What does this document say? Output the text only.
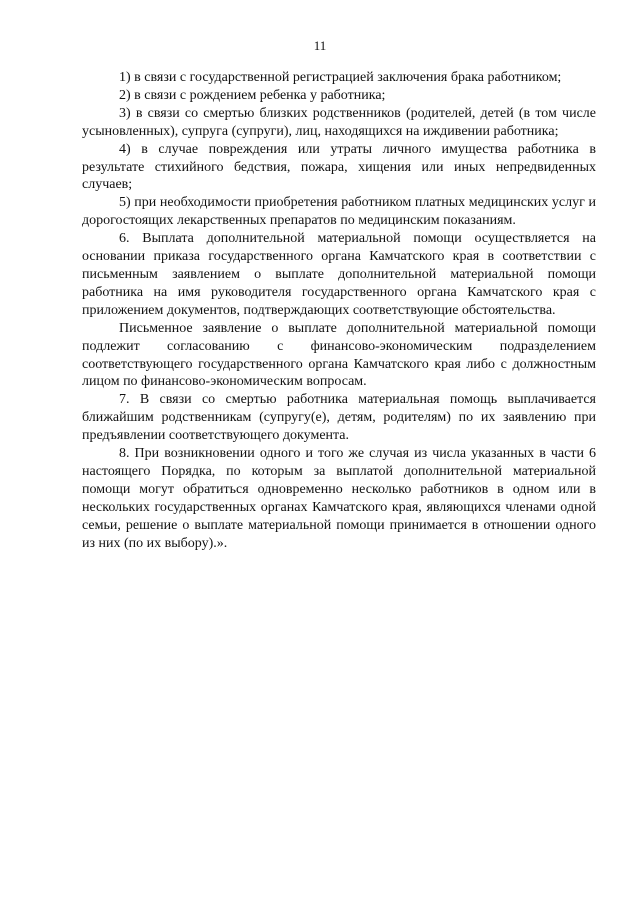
11

1) в связи с государственной регистрацией заключения брака работником;

2) в связи с рождением ребенка у работника;

3) в связи со смертью близких родственников (родителей, детей (в том числе усыновленных), супруга (супруги), лиц, находящихся на иждивении работника;

4) в случае повреждения или утраты личного имущества работника в результате стихийного бедствия, пожара, хищения или иных непредвиденных случаев;

5) при необходимости приобретения работником платных медицинских услуг и дорогостоящих лекарственных препаратов по медицинским показаниям.

6. Выплата дополнительной материальной помощи осуществляется на основании приказа государственного органа Камчатского края в соответствии с письменным заявлением о выплате дополнительной материальной помощи работника на имя руководителя государственного органа Камчатского края с приложением документов, подтверждающих соответствующие обстоятельства.

Письменное заявление о выплате дополнительной материальной помощи подлежит согласованию с финансово-экономическим подразделением соответствующего государственного органа Камчатского края либо с должностным лицом по финансово-экономическим вопросам.

7. В связи со смертью работника материальная помощь выплачивается ближайшим родственникам (супругу(е), детям, родителям) по их заявлению при предъявлении соответствующего документа.

8. При возникновении одного и того же случая из числа указанных в части 6 настоящего Порядка, по которым за выплатой дополнительной материальной помощи могут обратиться одновременно несколько работников в одном или в нескольких государственных органах Камчатского края, являющихся членами одной семьи, решение о выплате материальной помощи принимается в отношении одного из них (по их выбору).».
